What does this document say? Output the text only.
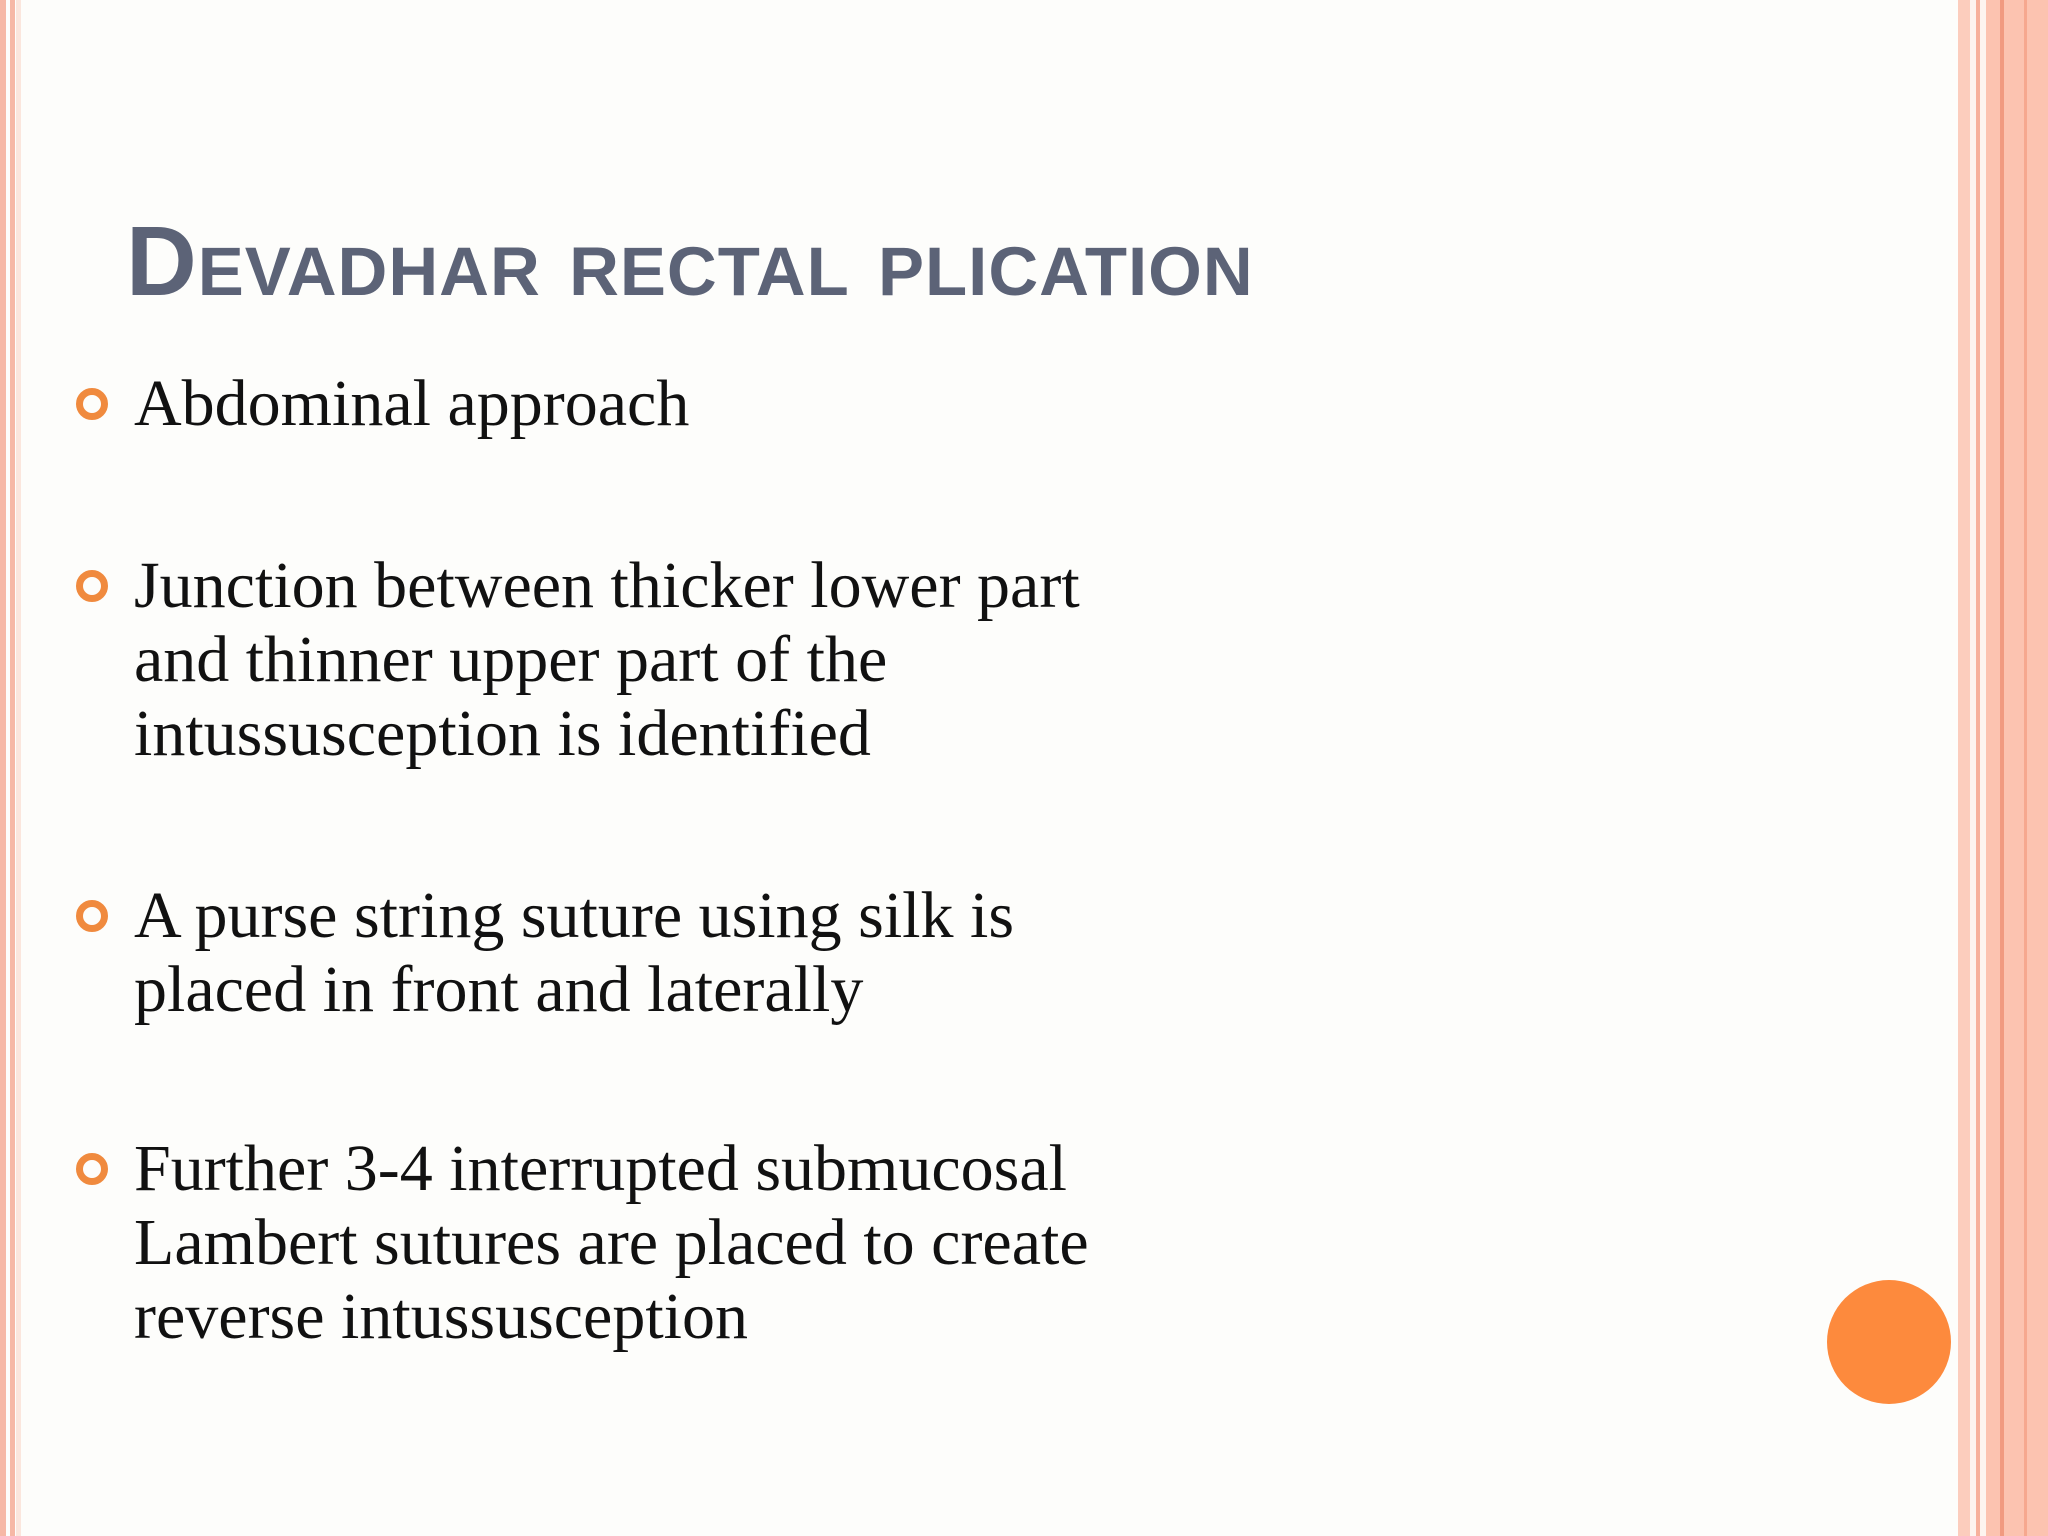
Devadhar rectal plication

Abdominal approach

Junction between thicker lower part
and thinner upper part of the
intussusception is identified

A purse string suture using silk is
placed in front and laterally

Further 3-4 interrupted submucosal
Lambert sutures are placed to create
reverse intussusception
